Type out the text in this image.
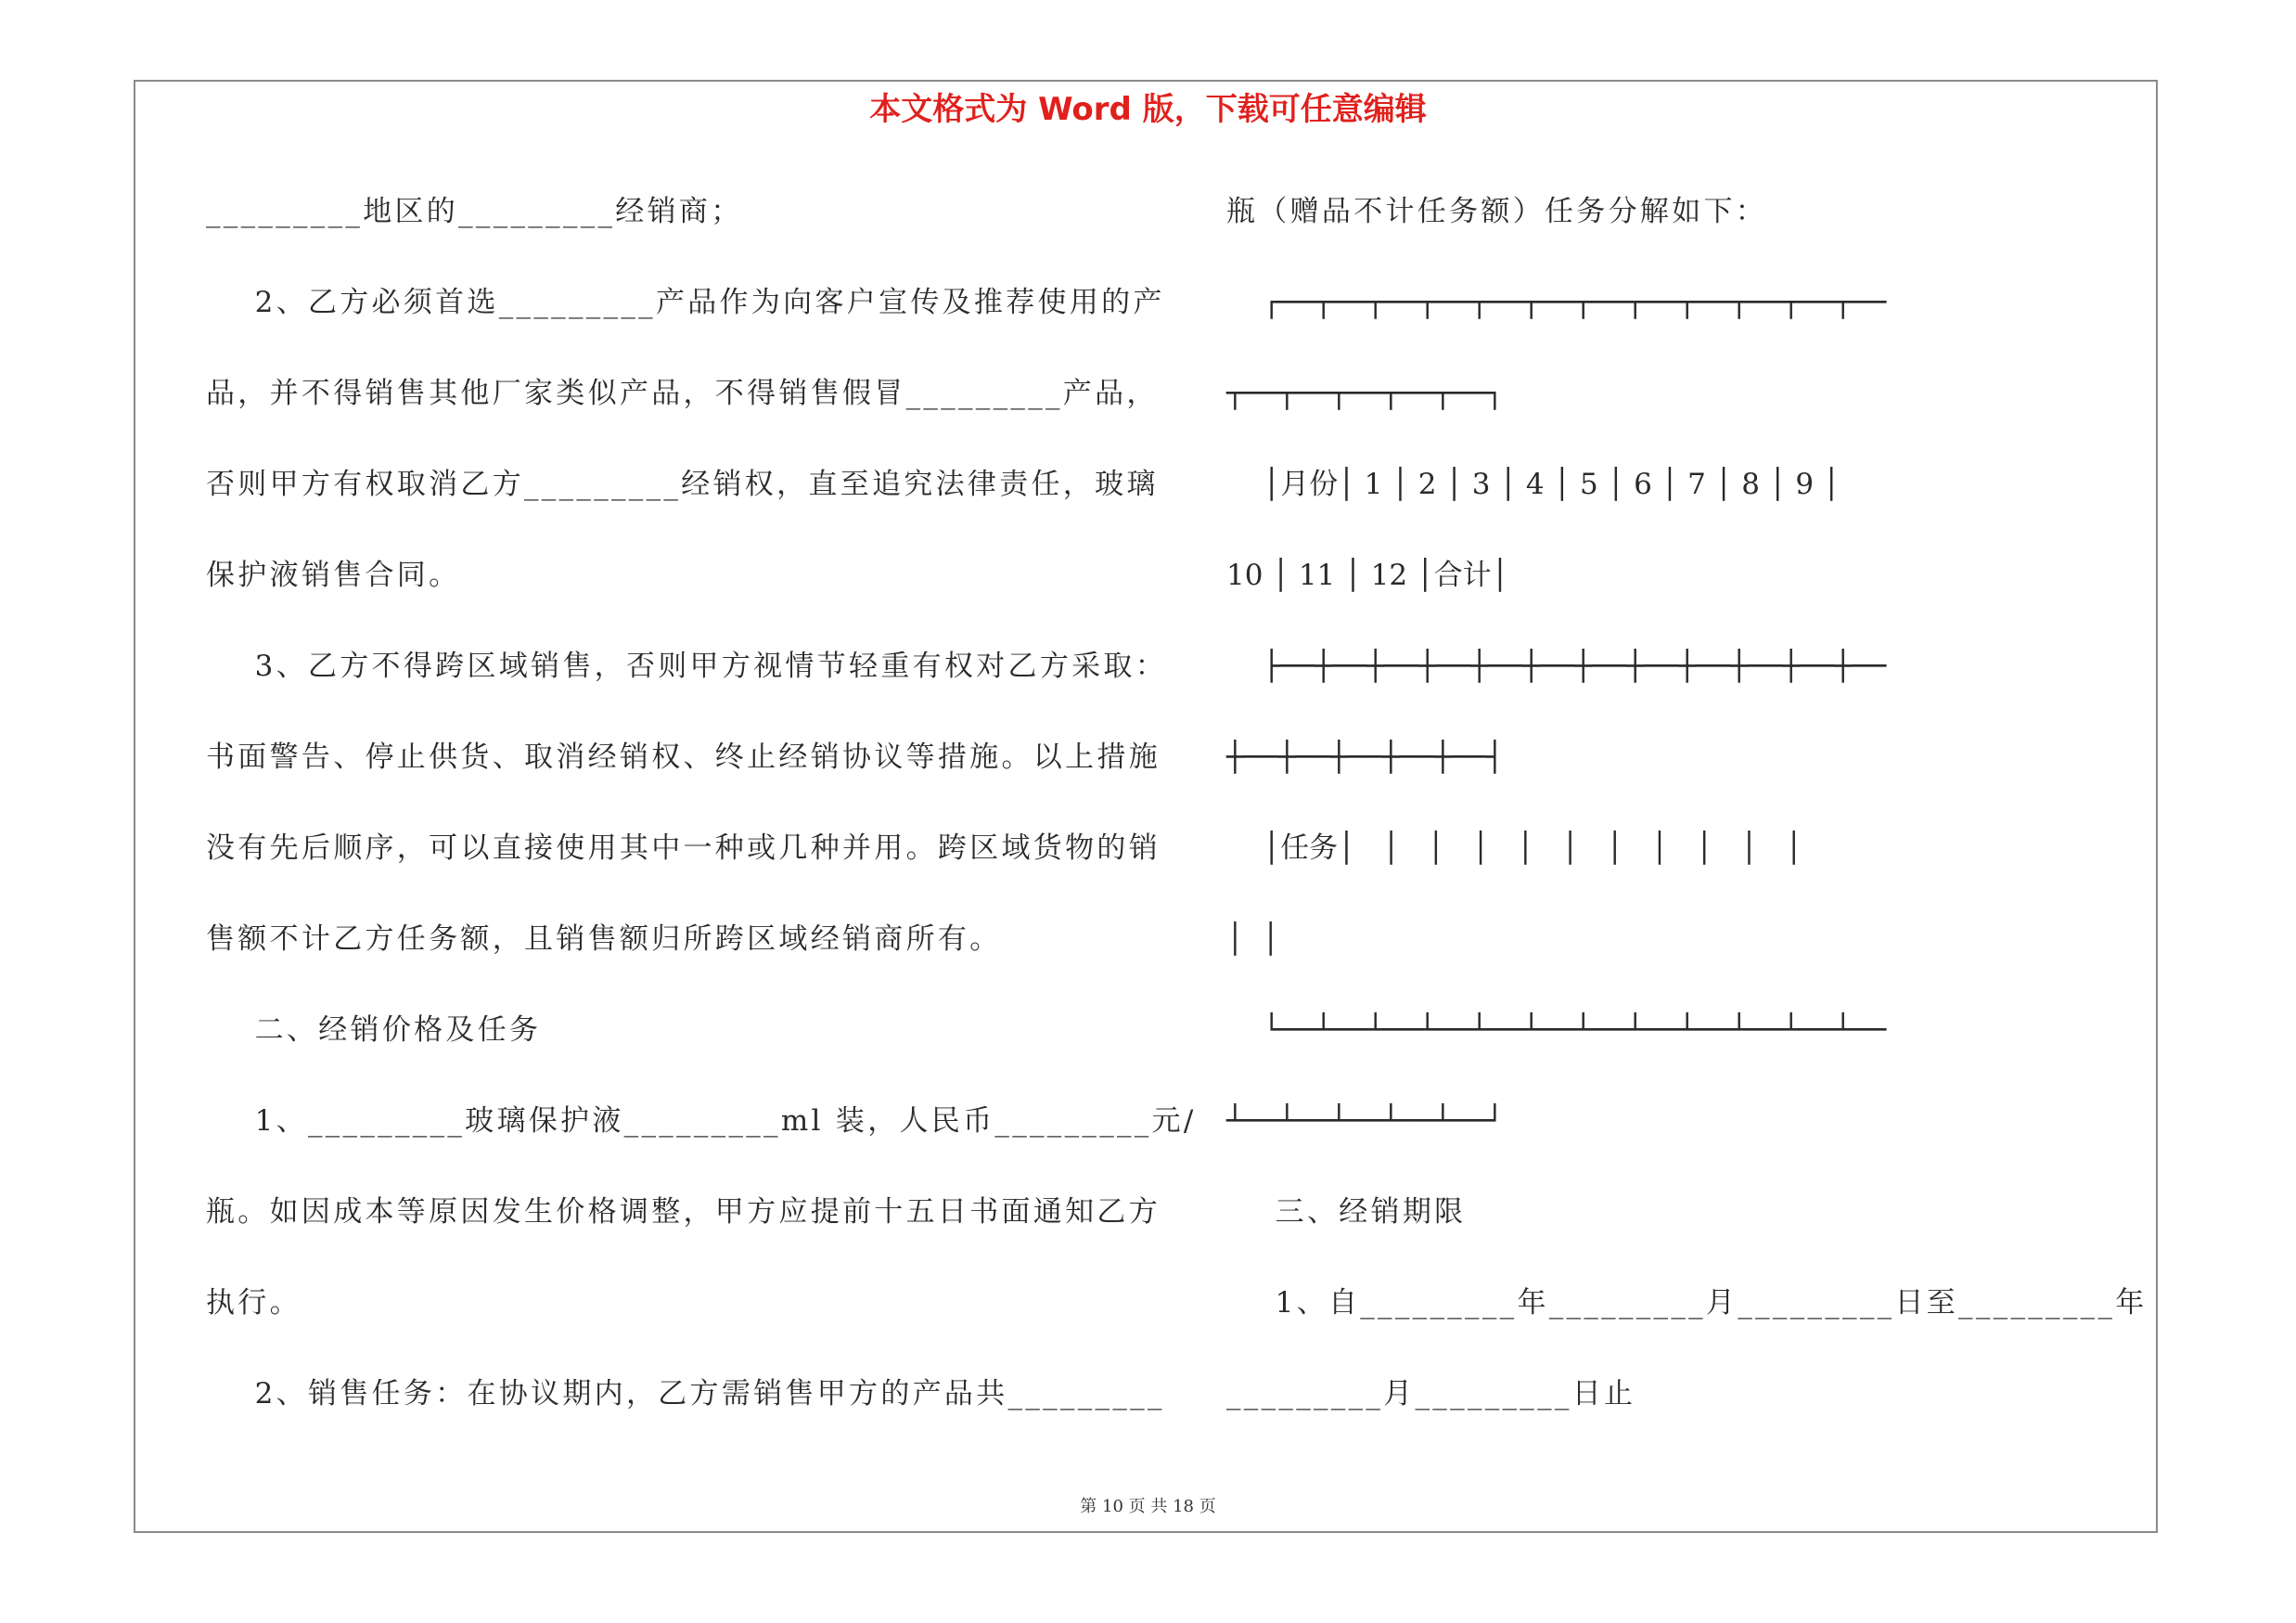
本文格式为 Word 版，下载可任意编辑
_________地区的_________经销商；
2、乙方必须首选_________产品作为向客户宣传及推荐使用的产
品，并不得销售其他厂家类似产品，不得销售假冒_________产品，
否则甲方有权取消乙方_________经销权，直至追究法律责任，玻璃
保护液销售合同。
3、乙方不得跨区域销售，否则甲方视情节轻重有权对乙方采取：
书面警告、停止供货、取消经销权、终止经销协议等措施。以上措施
没有先后顺序，可以直接使用其中一种或几种并用。跨区域货物的销
售额不计乙方任务额，且销售额归所跨区域经销商所有。
二、经销价格及任务
1、_________玻璃保护液_________ml 装，人民币_________元/
瓶。如因成本等原因发生价格调整，甲方应提前十五日书面通知乙方
执行。
2、销售任务：在协议期内，乙方需销售甲方的产品共_________
瓶（赠品不计任务额）任务分解如下：
┌──┬──┬──┬──┬──┬──┬──┬──┬──┬──┬──┬──
┬──┬──┬──┬──┬──┐
│月份│ 1 │ 2 │ 3 │ 4 │ 5 │ 6 │ 7 │ 8 │ 9 │
10 │ 11 │ 12 │合计│
├──┼──┼──┼──┼──┼──┼──┼──┼──┼──┼──┼──
┼──┼──┼──┼──┼──┤
│任务│   │   │   │   │   │   │   │   │   │   │
│  │
└──┴──┴──┴──┴──┴──┴──┴──┴──┴──┴──┴──
┴──┴──┴──┴──┴──┘
三、经销期限
1、自_________年_________月_________日至_________年
_________月_________日止
第 10 页 共 18 页
